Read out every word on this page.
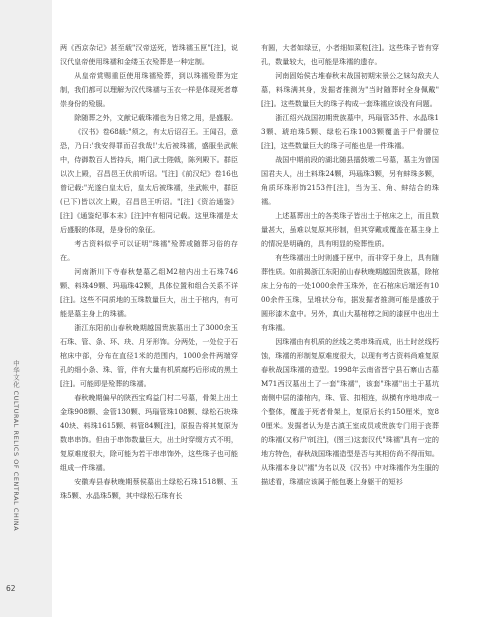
中华文化 CULTURAL RELICS OF CENTRAL CHINA
62

两《西京杂记》甚至载"汉帝送死，皆珠襦玉匣"[注]，说汉代皇帝使用珠襦和金缕玉衣殓葬是一种定制。

从皇帝赏赐重臣使用珠襦殓葬，到以珠襦殓葬为定制，我们都可以理解为汉代珠襦与玉衣一样是体现死者尊崇身份的殓服。

除随葬之外，文献记载珠襦也为日常之用，是盛服。

《汉书》卷68载:"须之，有太后诏召王。王闻召，意恐，乃曰:'我安得罪而召我哉!'太后被珠襦，盛服坐武帐中，侍御数百人皆持兵，期门武士陛戟，陈列殿下。群臣以次上殿，召昌邑王伏前听诏。"[注]《前汉纪》卷16也曾记载:"光遂白皇太后，皇太后被珠襦，坐武帐中，群臣(已下)皆以次上殿，召昌邑王听诏。"[注]《资治通鉴》[注]《通鉴纪事本末》[注]中有相同记载。这里珠襦是太后盛服的体现，是身份的象征。

考古资料似乎可以证明"珠襦"殓葬或随葬习俗的存在。

河南淅川下寺春秋楚墓乙组M2棺内出土石珠746颗、料珠49颗、玛瑙珠42颗，具体位置和组合关系不详[注]。这些不同质地的玉珠数量巨大，出土于棺内，有可能是墓主身上的珠襦。

浙江东阳前山春秋晚期越国贵族墓出土了3000余玉石珠、管、条、环、玦、月牙形饰。分两处，一处位于石棺床中部，分布在直径1米的范围内，1000余件两端穿孔的细小条、珠、管，伴有大量有机质腐朽后形成的黑土[注]。可能即是殓葬的珠襦。

春秋晚期偏早的陕西宝鸡益门村二号墓，骨架上出土金珠908颗、金管130颗、玛瑙管珠108颗、绿松石块珠40块、料珠1615颗、料管84颗[注]，原报告将其复原为数串串饰。但由于串饰数量巨大，出土时穿缀方式不明，复原难度很大，除可能为若干串串饰外，这些珠子也可能组成一件珠襦。

安徽寿县春秋晚期蔡侯墓出土绿松石珠1518颗、玉珠5颗、水晶珠5颗，其中绿松石珠有长

有圆，大者如绿豆，小者细如菜粒[注]。这些珠子皆有穿孔，数量较大，也可能是珠襦的遗存。

河南固始侯古堆春秋末战国初期宋景公之妹勾敌夫人墓，料珠满其身，发掘者推测为"当时随葬时全身佩戴"[注]。这些数量巨大的珠子构成一套珠襦应该没有问题。

浙江绍兴战国初期贵族墓中，玛瑙管35件、水晶珠13颗、琥珀珠5颗、绿松石珠1003颗覆盖于尸骨腰位[注]，这些数量巨大的珠子可能也是一件珠襦。

战国中期前段的湖北随县擂鼓墩二号墓，墓主为曾国国君夫人，出土料珠24颗，玛瑙珠3颗，另有蚌珠多颗，角质环珠形饰2153件[注]，当为玉、角、蚌结合的珠襦。

上述墓葬出土的各类珠子皆出土于棺床之上，而且数量甚大，虽难以复原其形制，但其穿戴或覆盖在墓主身上的情况是明确的，具有明显的殓葬性质。

有些珠襦出土时则盛于匣中，而非穿于身上，具有随葬性质。如前揭浙江东阳前山春秋晚期越国贵族墓，除棺床上分布的一处1000余件玉珠外，在石棺床后端还有1000余件玉珠，呈堆状分布，据发掘者推测可能是盛放于圆形漆木盒中。另外，真山大墓棺椁之间的漆匣中也出土有珠襦。

因珠襦由有机质的丝线之类串珠而成，出土时丝线朽蚀，珠襦的形制复原难度很大，以现有考古资料尚难复原春秋战国珠襦的造型。1998年云南省晋宁县石寨山古墓M71西汉墓出土了一套"珠襦"，该套"珠襦"出土于墓坑南侧中层的漆棺内，珠、管、扣相连，纵横有序地串成一个整体，覆盖于死者骨架上，复原后长约150厘米，宽80厘米。发掘者认为是古滇王室成员或贵族专门用于丧葬的珠襦(又称尸帘[注]，(图三)这套汉代"珠襦"具有一定的地方特色，春秋战国珠襦造型是否与其相仿尚不得而知。从珠襦本身以"襦"为名以及《汉书》中对珠襦作为生服的描述看，珠襦应该属于能包裹上身躯干的短衫
